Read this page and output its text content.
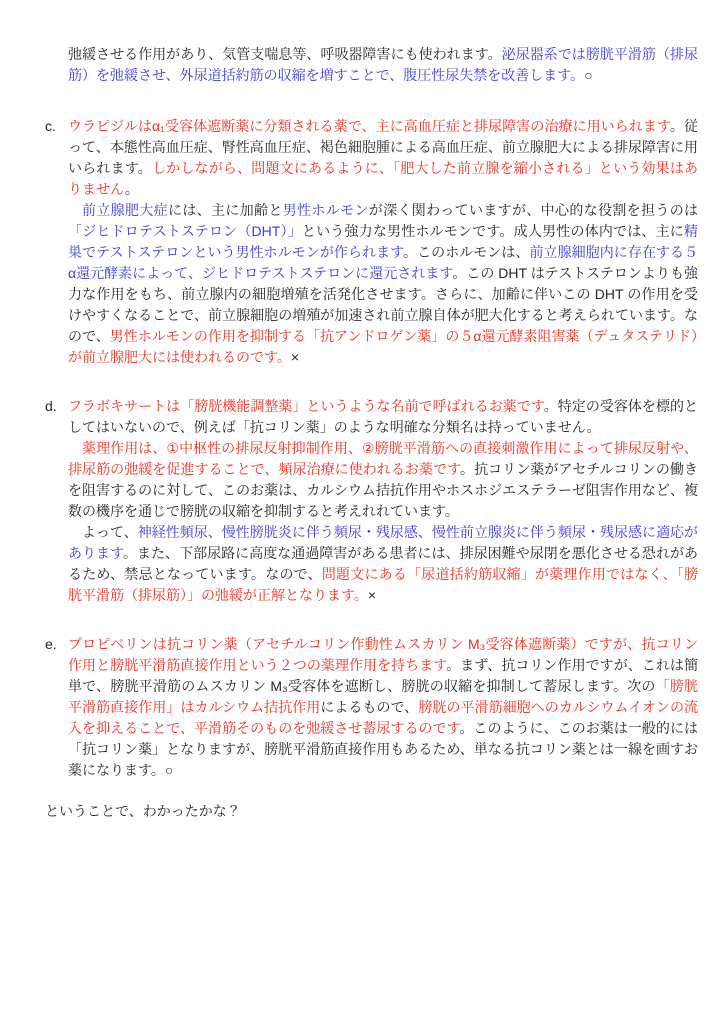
弛緩させる作用があり、気管支喘息等、呼吸器障害にも使われます。泌尿器系では膀胱平滑筋（排尿筋）を弛緩させ、外尿道括約筋の収縮を増すことで、腹圧性尿失禁を改善します。○

c. ウラピジルはα₁受容体遮断薬に分類される薬で、主に高血圧症と排尿障害の治療に用いられます。従って、本態性高血圧症、腎性高血圧症、褐色細胞腫による高血圧症、前立腺肥大による排尿障害に用いられます。しかしながら、問題文にあるように、「肥大した前立腺を縮小される」という効果はありません。

前立腺肥大症には、主に加齢と男性ホルモンが深く関わっていますが、中心的な役割を担うのは「ジヒドロテストステロン（DHT）」という強力な男性ホルモンです。成人男性の体内では、主に精巣でテストステロンという男性ホルモンが作られます。このホルモンは、前立腺細胞内に存在する５α還元酵素によって、ジヒドロテストステロンに還元されます。この DHT はテストステロンよりも強力な作用をもち、前立腺内の細胞増殖を活発化させます。さらに、加齢に伴いこの DHT の作用を受けやすくなることで、前立腺細胞の増殖が加速され前立腺自体が肥大化すると考えられています。なので、男性ホルモンの作用を抑制する「抗アンドロゲン薬」の５α還元酵素阻害薬（デュタステリド）が前立腺肥大には使われるのです。×

d. フラボキサートは「膀胱機能調整薬」というような名前で呼ばれるお薬です。特定の受容体を標的としてはいないので、例えば「抗コリン薬」のような明確な分類名は持っていません。

薬理作用は、①中枢性の排尿反射抑制作用、②膀胱平滑筋への直接刺激作用によって排尿反射や、排尿筋の弛緩を促進することで、頻尿治療に使われるお薬です。抗コリン薬がアセチルコリンの働きを阻害するのに対して、このお薬は、カルシウム拮抗作用やホスホジエステラーゼ阻害作用など、複数の機序を通じで膀胱の収縮を抑制すると考えれれています。

よって、神経性頻尿、慢性膀胱炎に伴う頻尿・残尿感、慢性前立腺炎に伴う頻尿・残尿感に適応があります。また、下部尿路に高度な通過障害がある患者には、排尿困難や尿閉を悪化させる恐れがあるため、禁忌となっています。なので、問題文にある「尿道括約筋収縮」が薬理作用ではなく、「膀胱平滑筋（排尿筋）」の弛緩が正解となります。×

e. プロピベリンは抗コリン薬（アセチルコリン作動性ムスカリン M₃受容体遮断薬）ですが、抗コリン作用と膀胱平滑筋直接作用という２つの薬理作用を持ちます。まず、抗コリン作用ですが、これは簡単で、膀胱平滑筋のムスカリン M₃受容体を遮断し、膀胱の収縮を抑制して蓄尿します。次の「膀胱平滑筋直接作用」はカルシウム拮抗作用によるもので、膀胱の平滑筋細胞へのカルシウムイオンの流入を抑えることで、平滑筋そのものを弛緩させ蓄尿するのです。このように、このお薬は一般的には「抗コリン薬」となりますが、膀胱平滑筋直接作用もあるため、単なる抗コリン薬とは一線を画すお薬になります。○

ということで、わかったかな？
